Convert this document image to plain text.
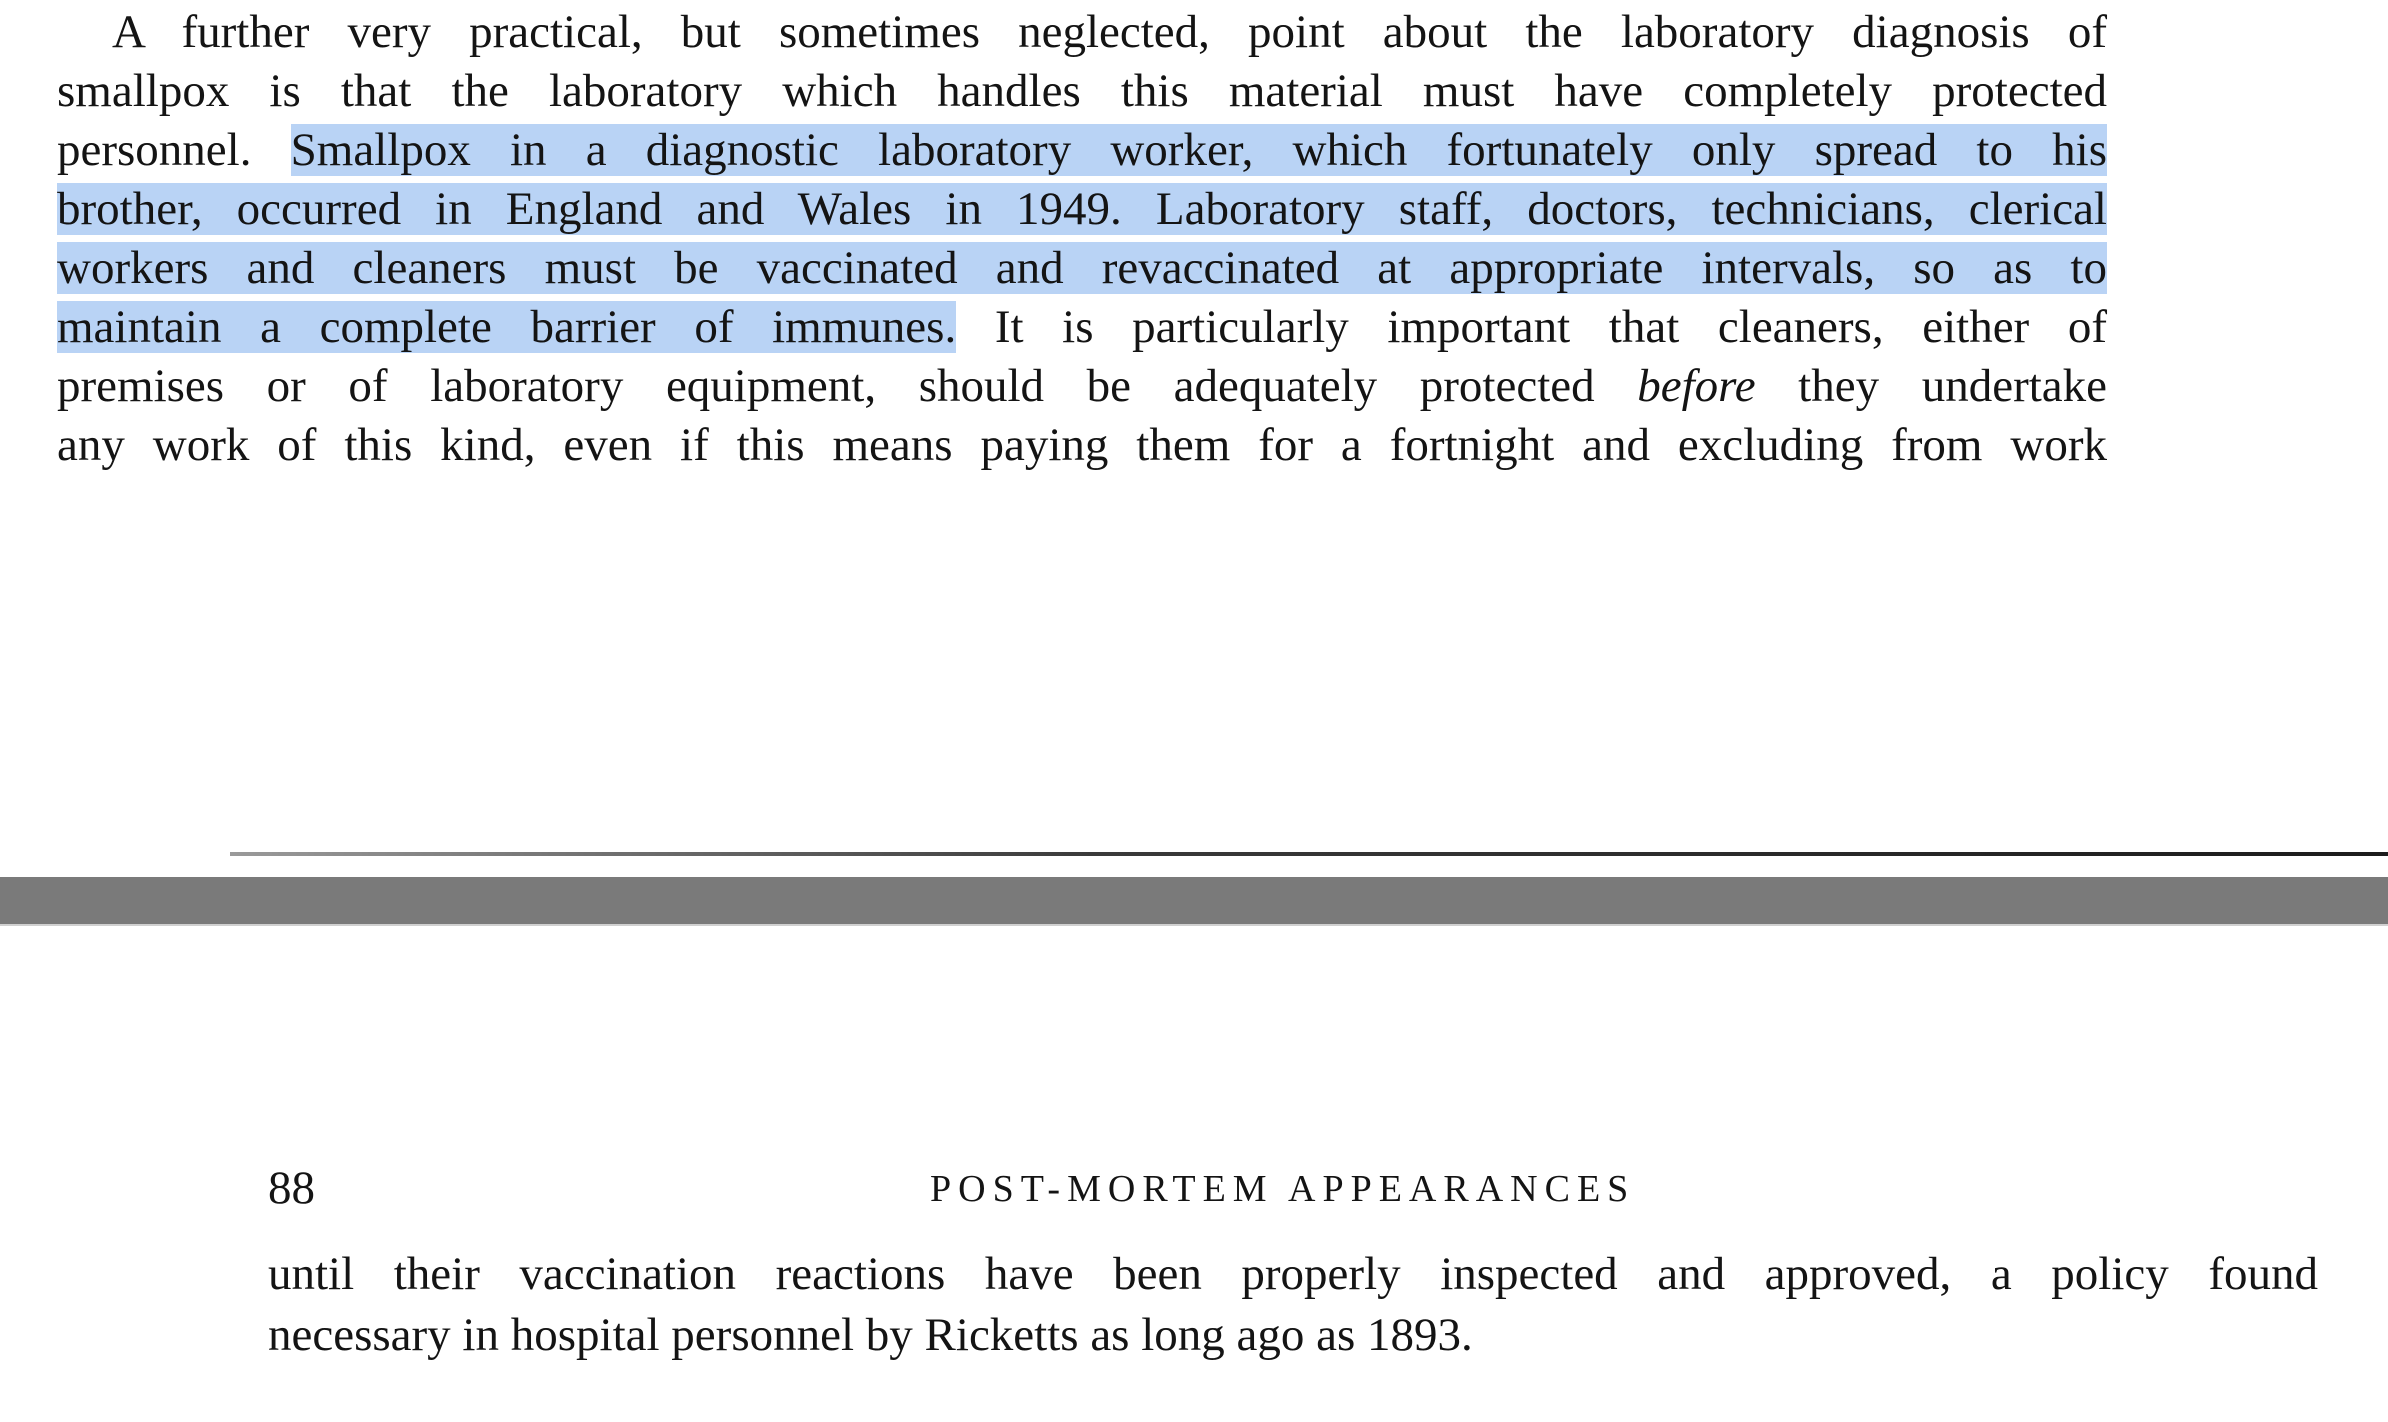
A further very practical, but sometimes neglected, point about the laboratory diagnosis of
smallpox is that the laboratory which handles this material must have completely protected
personnel. Smallpox in a diagnostic laboratory worker, which fortunately only spread to his
brother, occurred in England and Wales in 1949. Laboratory staff, doctors, technicians, clerical
workers and cleaners must be vaccinated and revaccinated at appropriate intervals, so as to
maintain a complete barrier of immunes. It is particularly important that cleaners, either of
premises or of laboratory equipment, should be adequately protected before they undertake
any work of this kind, even if this means paying them for a fortnight and excluding from work
88	POST-MORTEM APPEARANCES
until their vaccination reactions have been properly inspected and approved, a policy found
necessary in hospital personnel by Ricketts as long ago as 1893.
